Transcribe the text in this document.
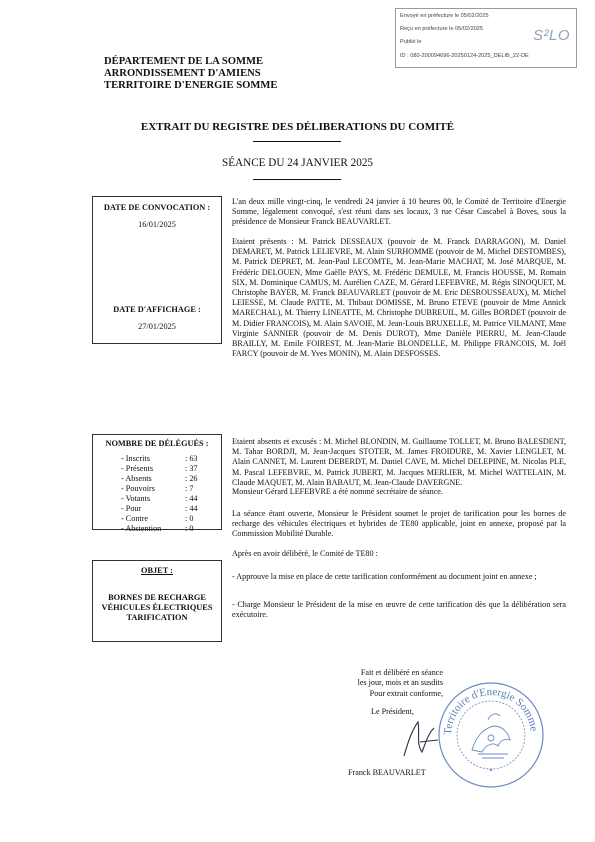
Envoyé en préfecture le 05/02/2025
Reçu en préfecture le 05/02/2025
Publié le
ID : 080-200094696-20250124-2025_DELIB_22-DE
S²LO
DÉPARTEMENT DE LA SOMME
ARRONDISSEMENT D'AMIENS
TERRITOIRE D'ENERGIE SOMME
EXTRAIT DU REGISTRE DES DÉLIBERATIONS DU COMITÉ
SÉANCE DU 24 JANVIER 2025
DATE DE CONVOCATION :
16/01/2025
DATE D'AFFICHAGE :
27/01/2025
NOMBRE DE DÉLÉGUÉS :
- Inscrits	: 63
- Présents	: 37
- Absents	: 26
- Pouvoirs	: 7
- Votants	: 44
- Pour	: 44
- Contre	: 0
- Abstention	: 0
OBJET :
BORNES DE RECHARGE
VÉHICULES ÉLECTRIQUES
TARIFICATION

L'an deux mille vingt-cinq, le vendredi 24 janvier à 10 heures 00, le Comité de Territoire d'Energie Somme, légalement convoqué, s'est réuni dans ses locaux, 3 rue César Cascabel à Boves, sous la présidence de Monsieur Franck BEAUVARLET.

Etaient présents : M. Patrick DESSEAUX (pouvoir de M. Franck DARRAGON), M. Daniel DEMARET, M. Patrick LELIEVRE, M. Alain SURHOMME (pouvoir de M. Michel DESTOMBES), M. Patrick DEPRET, M. Jean-Paul LECOMTE, M. Jean-Marie MACHAT, M. José MARQUE, M. Frédéric DELOUEN, Mme Gaëlle PAYS, M. Frédéric DEMULE, M. Francis HOUSSE, M. Romain SIX, M. Dominique CAMUS, M. Aurélien CAZE, M. Gérard LEFEBVRE, M. Régis SINOQUET, M. Christophe BAYER, M. Franck BEAUVARLET (pouvoir de M. Eric DESROUSSEAUX), M. Michel LEIESSE, M. Claude PATTE, M. Thibaut DOMISSE, M. Bruno ETEVE (pouvoir de Mme Annick MARECHAL), M. Thierry LINEATTE, M. Christophe DUBREUIL, M. Gilles BORDET (pouvoir de M. Didier FRANCOIS), M. Alain SAVOIE, M. Jean-Louis BRUXELLE, M. Patrice VILMANT, Mme Virginie SANNIER (pouvoir de M. Denis DUROT), Mme Danièle PIERRU, M. Jean-Claude BRAILLY, M. Emile FOIREST, M. Jean-Marie BLONDELLE, M. Philippe FRANCOIS, M. Joël FARCY (pouvoir de M. Yves MONIN), M. Alain DESFOSSES.

Etaient absents et excusés : M. Michel BLONDIN, M. Guillaume TOLLET, M. Bruno BALESDENT, M. Tahar BORDJI, M. Jean-Jacques STOTER, M. James FROIDURE, M. Xavier LENGLET, M. Alain CANNET, M. Laurent DEBERDT, M. Daniel CAVE, M. Michel DELEPINE, M. Nicolas PLE, M. Pascal LEFEBVRE, M. Patrick JUBERT, M. Jacques MERLIER, M. Michel WATTELAIN, M. Claude MAQUET, M. Alain BABAUT, M. Jean-Claude DAVERGNE.

Monsieur Gérard LEFEBVRE a été nommé secrétaire de séance.

La séance étant ouverte, Monsieur le Président soumet le projet de tarification pour les bornes de recharge des véhicules électriques et hybrides de TE80 applicable, joint en annexe, proposé par la Commission Mobilité Durable.

Après en avoir délibéré, le Comité de TE80 :

- Approuve la mise en place de cette tarification conformément au document joint en annexe ;

- Charge Monsieur le Président de la mise en œuvre de cette tarification dès que la délibération sera exécutoire.

Fait et délibéré en séance
les jour, mois et an susdits
Pour extrait conforme,
Le Président,
Franck BEAUVARLET
Territoire d'Energie Somme
✦
